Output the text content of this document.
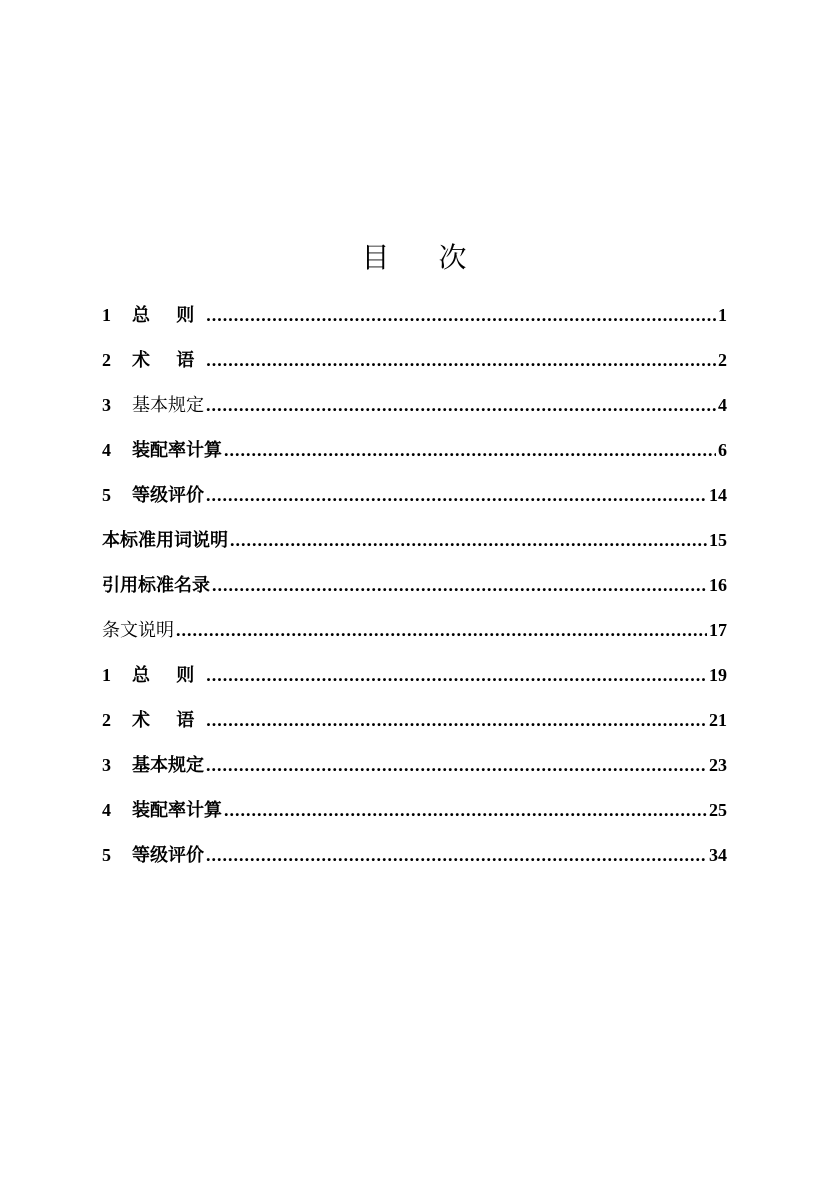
目 次
1	总 则 .....	1
2	术 语 .....	2
3	基本规定 .....	4
4	装配率计算 .....	6
5	等级评价 .....	14
本标准用词说明 .....	15
引用标准名录 .....	16
条文说明 .....	17
1	总 则 .....	19
2	术 语 .....	21
3	基本规定 .....	23
4	装配率计算 .....	25
5	等级评价 .....	34
